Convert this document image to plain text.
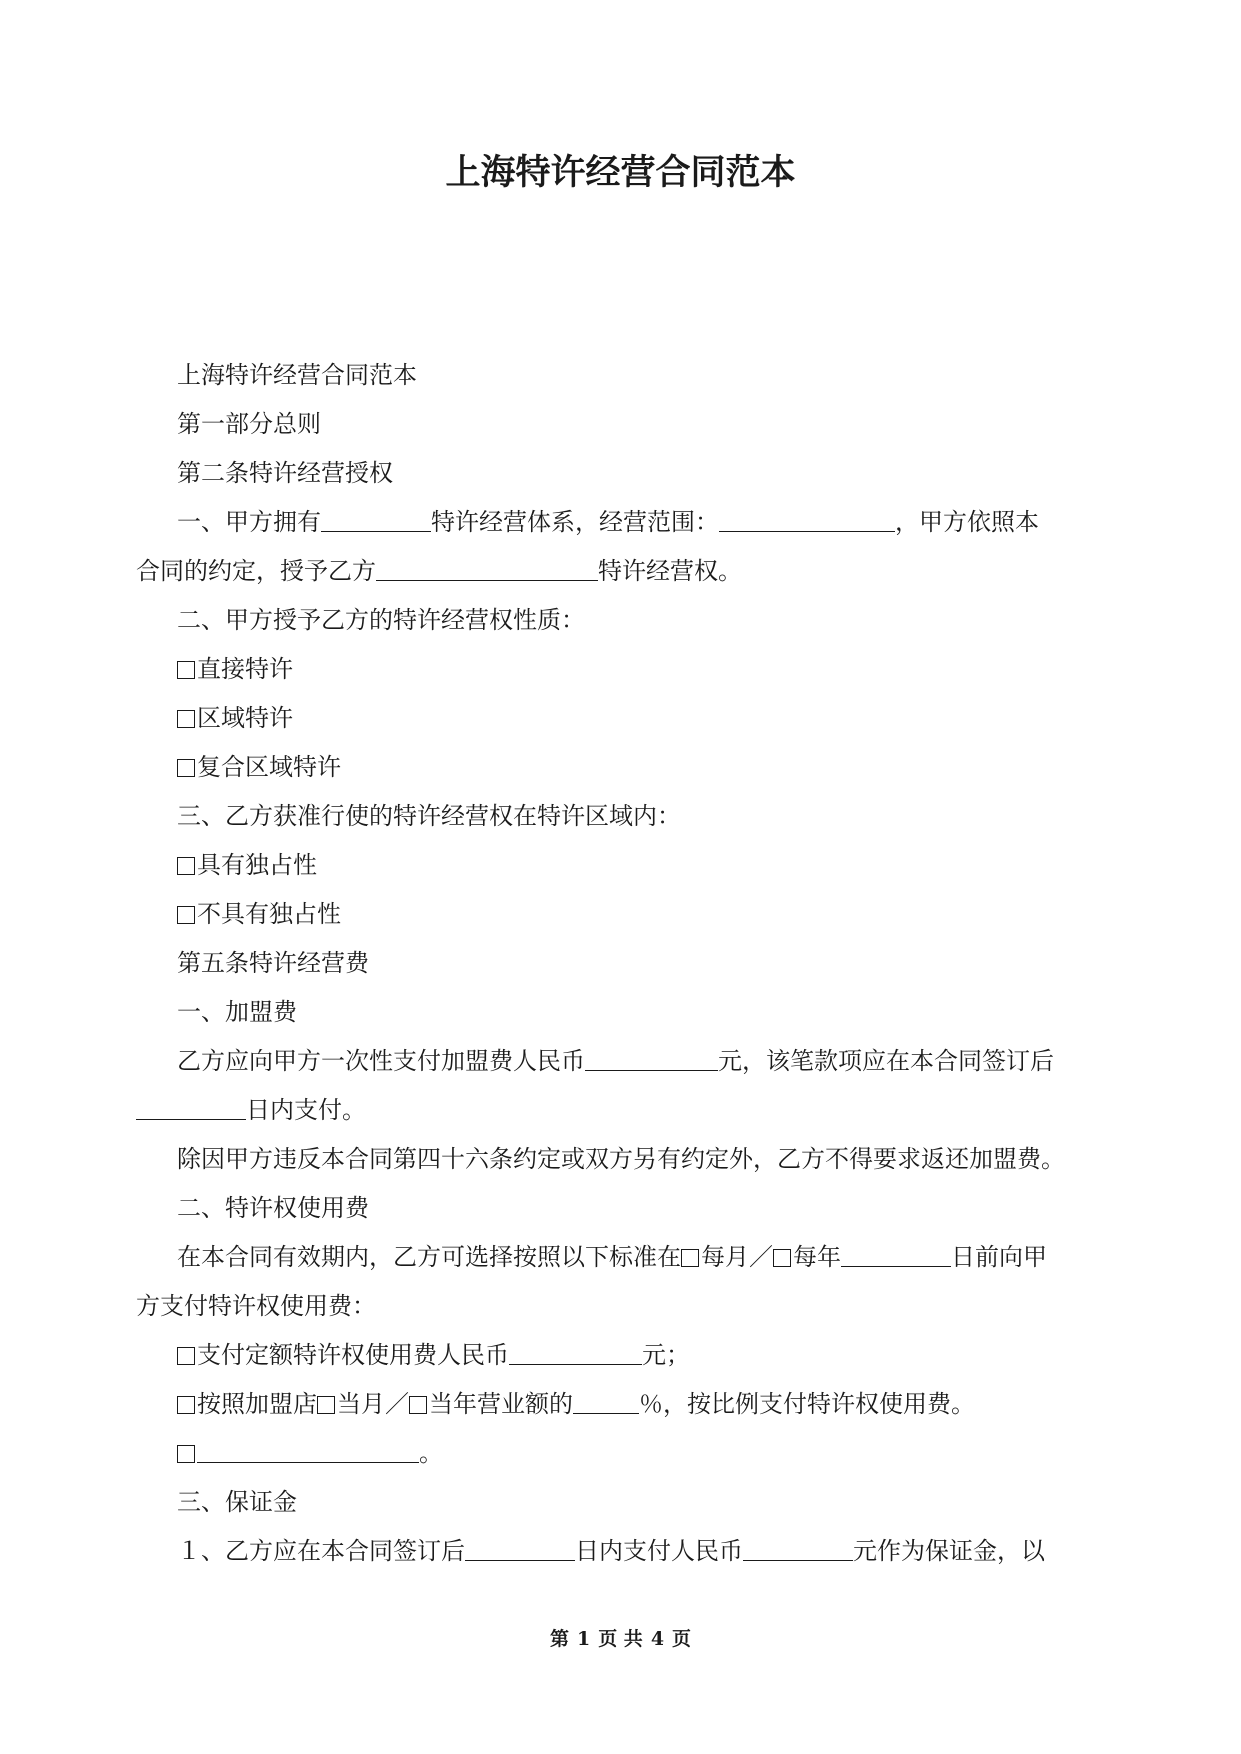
上海特许经营合同范本
上海特许经营合同范本
第一部分总则
第二条特许经营授权
一、甲方拥有	特许经营体系，经营范围：	，甲方依照本
合同的约定，授予乙方	特许经营权。
二、甲方授予乙方的特许经营权性质：
直接特许
区域特许
复合区域特许
三、乙方获准行使的特许经营权在特许区域内：
具有独占性
不具有独占性
第五条特许经营费
一、加盟费
乙方应向甲方一次性支付加盟费人民币	元，该笔款项应在本合同签订后
日内支付。
除因甲方违反本合同第四十六条约定或双方另有约定外，乙方不得要求返还加盟费。
二、特许权使用费
在本合同有效期内，乙方可选择按照以下标准在 每月／ 每年	日前向甲
方支付特许权使用费：
支付定额特许权使用费人民币	元；
按照加盟店 当月／ 当年营业额的	％，按比例支付特许权使用费。
。
三、保证金
１、乙方应在本合同签订后	日内支付人民币	元作为保证金，以
第 1 页 共 4 页
